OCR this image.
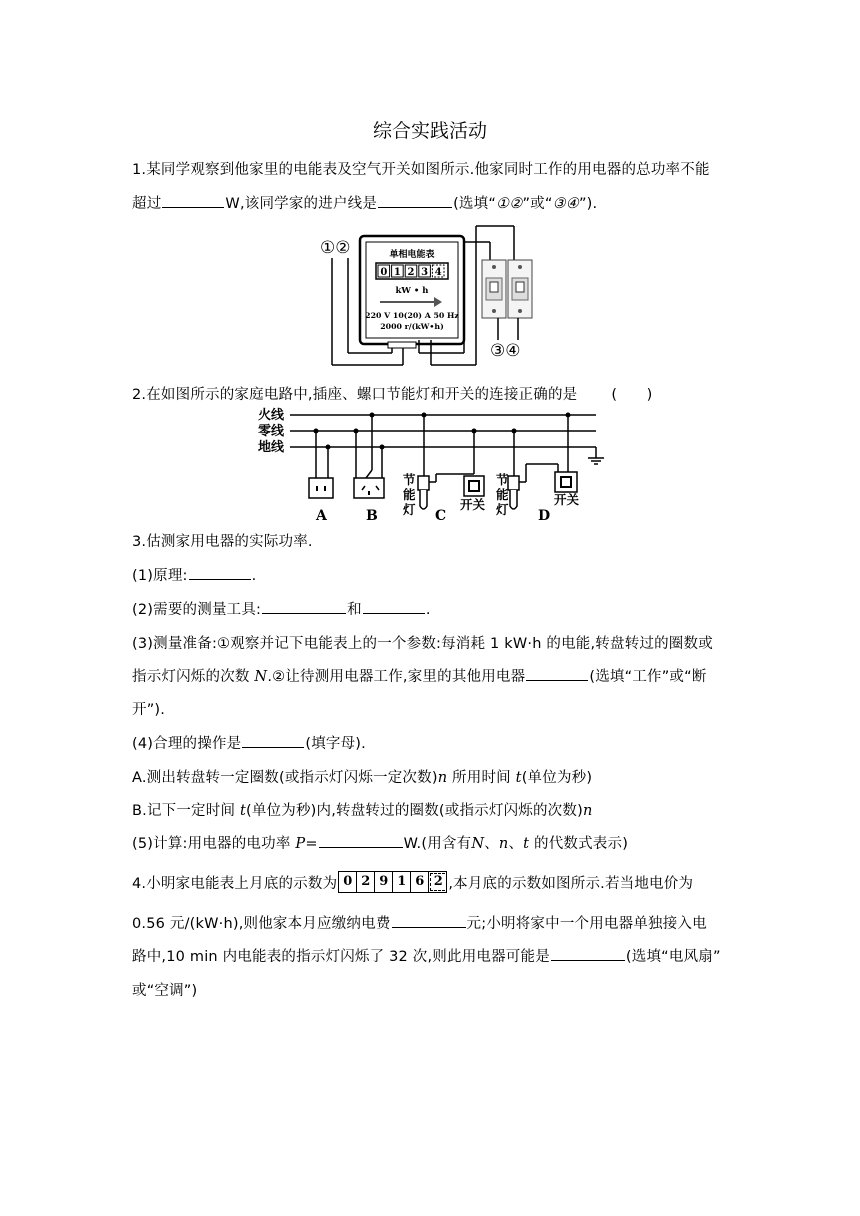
综合实践活动
1.某同学观察到他家里的电能表及空气开关如图所示.他家同时工作的用电器的总功率不能
超过	W,该同学家的进户线是	(选填“①②”或“③④”).
①②	单相电能表
0 1 2 3 4
kW • h
220 V 10(20) A 50 Hz
2000 r/(kW•h)
③④
2.在如图所示的家庭电路中,插座、螺口节能灯和开关的连接正确的是 (　　)
火线
零线
地线
节
能
灯
节
能
灯
开关	开关
A	B	C	D
3.估测家用电器的实际功率.
(1)原理:	.
(2)需要的测量工具:	和	.
(3)测量准备:①观察并记下电能表上的一个参数:每消耗 1 kW·h 的电能,转盘转过的圈数或
指示灯闪烁的次数 N.②让待测用电器工作,家里的其他用电器	(选填“工作”或“断
开”).
(4)合理的操作是	(填字母).
A.测出转盘转一定圈数(或指示灯闪烁一定次数)n 所用时间 t(单位为秒)
B.记下一定时间 t(单位为秒)内,转盘转过的圈数(或指示灯闪烁的次数)n
(5)计算:用电器的电功率 P=	W.(用含有N、n、t 的代数式表示)
4.小明家电能表上月底的示数为 0 2 9 1 6 2 ,本月底的示数如图所示.若当地电价为
0.56 元/(kW·h),则他家本月应缴纳电费	元;小明将家中一个用电器单独接入电
路中,10 min 内电能表的指示灯闪烁了 32 次,则此用电器可能是	(选填“电风扇”
或“空调”)
